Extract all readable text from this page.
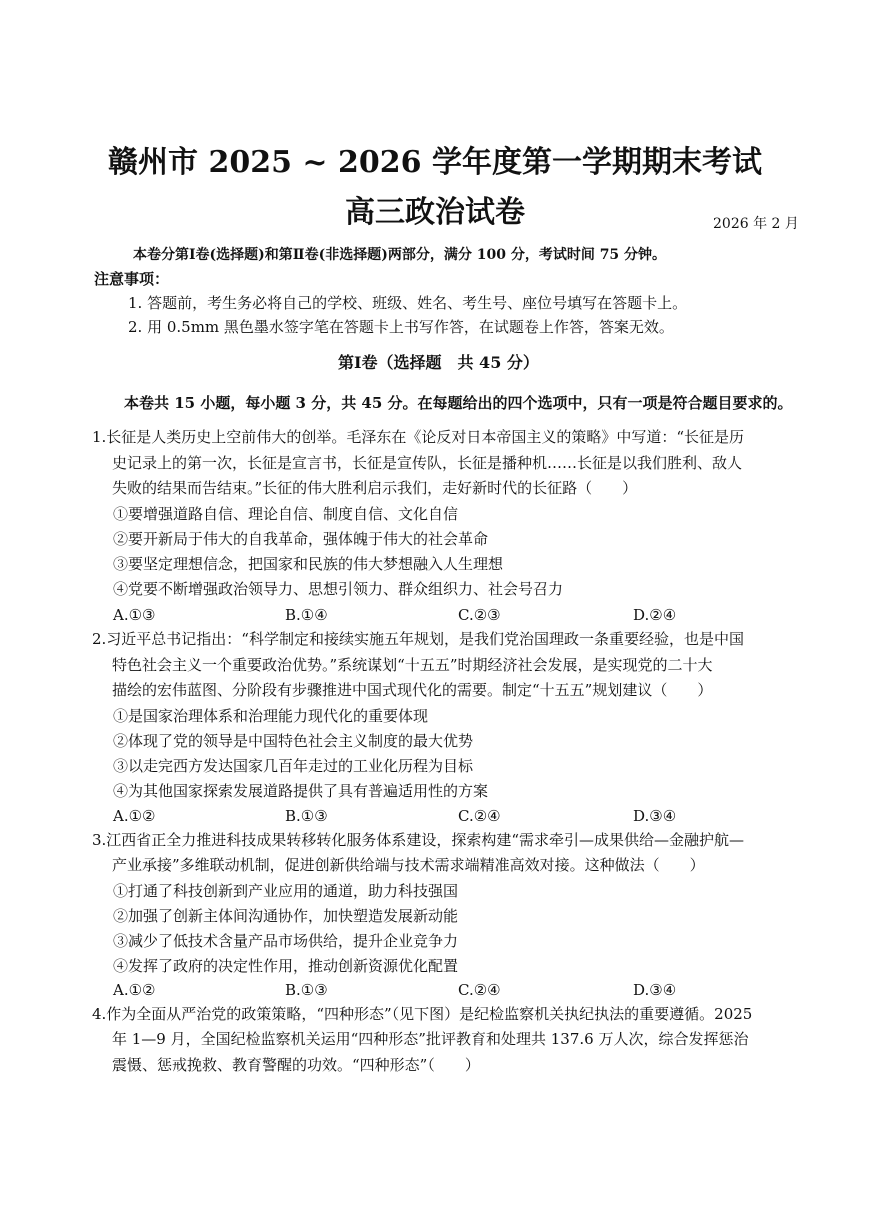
赣州市 2025 ~ 2026 学年度第一学期期末考试
高三政治试卷	2026 年 2 月
本卷分第Ⅰ卷(选择题)和第Ⅱ卷(非选择题)两部分，满分 100 分，考试时间 75 分钟。
注意事项：
1. 答题前，考生务必将自己的学校、班级、姓名、考生号、座位号填写在答题卡上。
2. 用 0.5mm 黑色墨水签字笔在答题卡上书写作答，在试题卷上作答，答案无效。
第Ⅰ卷（选择题　共 45 分）
本卷共 15 小题，每小题 3 分，共 45 分。在每题给出的四个选项中，只有一项是符合题目要求的。
1.长征是人类历史上空前伟大的创举。毛泽东在《论反对日本帝国主义的策略》中写道：“长征是历
史记录上的第一次，长征是宣言书，长征是宣传队，长征是播种机……长征是以我们胜利、敌人
失败的结果而告结束。”长征的伟大胜利启示我们，走好新时代的长征路（　　）
①要增强道路自信、理论自信、制度自信、文化自信
②要开新局于伟大的自我革命，强体魄于伟大的社会革命
③要坚定理想信念，把国家和民族的伟大梦想融入人生理想
④党要不断增强政治领导力、思想引领力、群众组织力、社会号召力
A.①③	B.①④	C.②③	D.②④
2.习近平总书记指出：“科学制定和接续实施五年规划，是我们党治国理政一条重要经验，也是中国
特色社会主义一个重要政治优势。”系统谋划“十五五”时期经济社会发展，是实现党的二十大
描绘的宏伟蓝图、分阶段有步骤推进中国式现代化的需要。制定“十五五”规划建议（　　）
①是国家治理体系和治理能力现代化的重要体现
②体现了党的领导是中国特色社会主义制度的最大优势
③以走完西方发达国家几百年走过的工业化历程为目标
④为其他国家探索发展道路提供了具有普遍适用性的方案
A.①②	B.①③	C.②④	D.③④
3.江西省正全力推进科技成果转移转化服务体系建设，探索构建“需求牵引—成果供给—金融护航—
产业承接”多维联动机制，促进创新供给端与技术需求端精准高效对接。这种做法（　　）
①打通了科技创新到产业应用的通道，助力科技强国
②加强了创新主体间沟通协作，加快塑造发展新动能
③减少了低技术含量产品市场供给，提升企业竞争力
④发挥了政府的决定性作用，推动创新资源优化配置
A.①②	B.①③	C.②④	D.③④
4.作为全面从严治党的政策策略，“四种形态”（见下图）是纪检监察机关执纪执法的重要遵循。2025
年 1—9 月，全国纪检监察机关运用“四种形态”批评教育和处理共 137.6 万人次，综合发挥惩治
震慑、惩戒挽救、教育警醒的功效。“四种形态”（　　）
